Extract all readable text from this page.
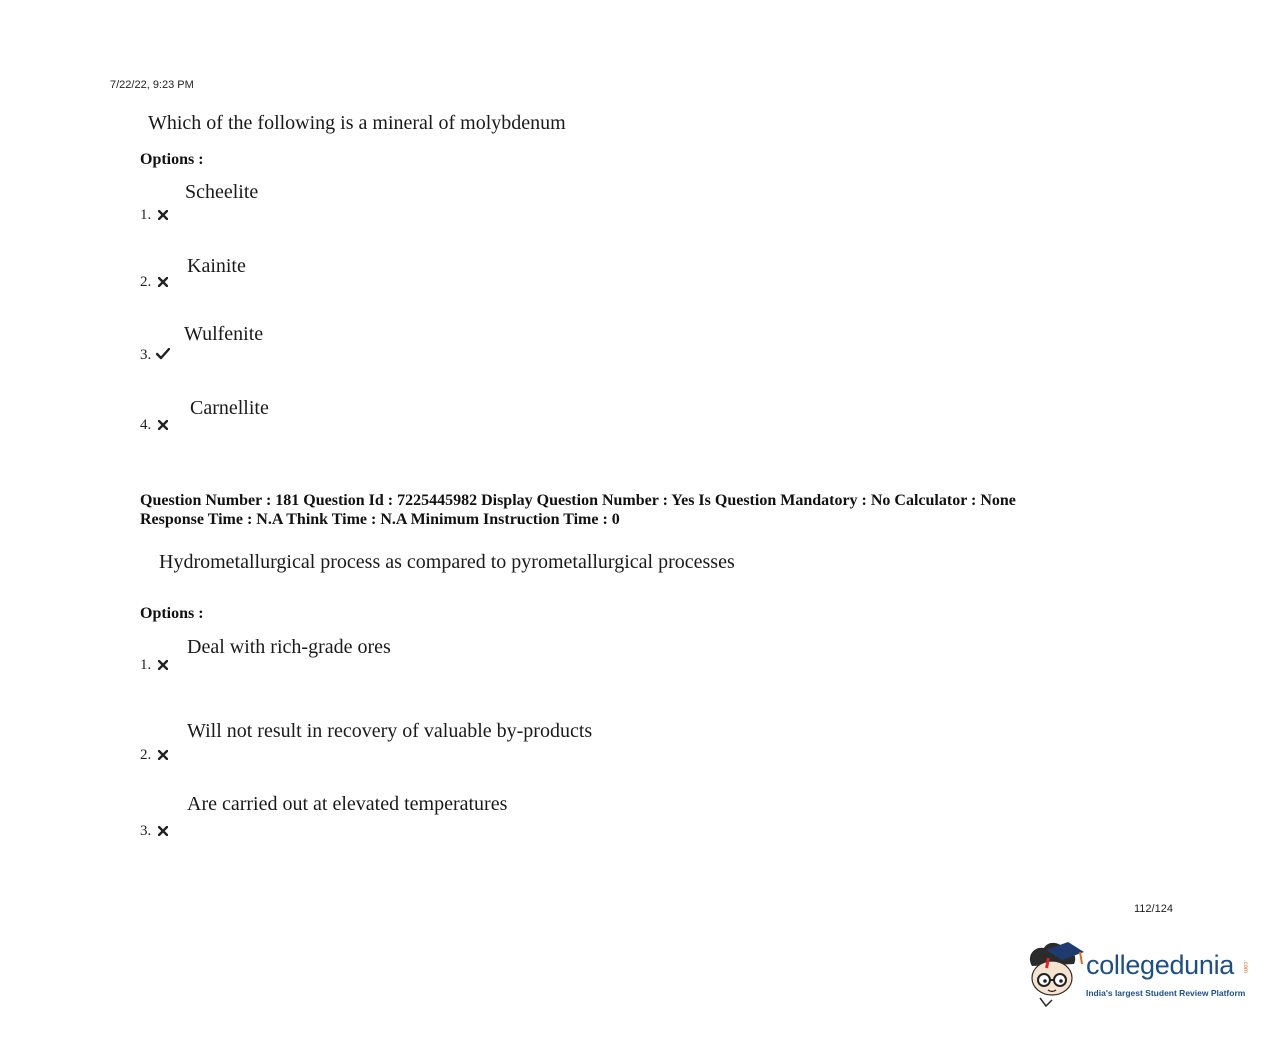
7/22/22, 9:23 PM
Which of the following is a mineral of molybdenum
Options :
Scheelite
1.
Kainite
2.
Wulfenite
3.
Carnellite
4.
Question Number : 181 Question Id : 7225445982 Display Question Number : Yes Is Question Mandatory : No Calculator : None
Response Time : N.A Think Time : N.A Minimum Instruction Time : 0
Hydrometallurgical process as compared to pyrometallurgical processes
Options :
Deal with rich-grade ores
1.
Will not result in recovery of valuable by-products
2.
Are carried out at elevated temperatures
3.
112/124
collegedunia .com
India's largest Student Review Platform
